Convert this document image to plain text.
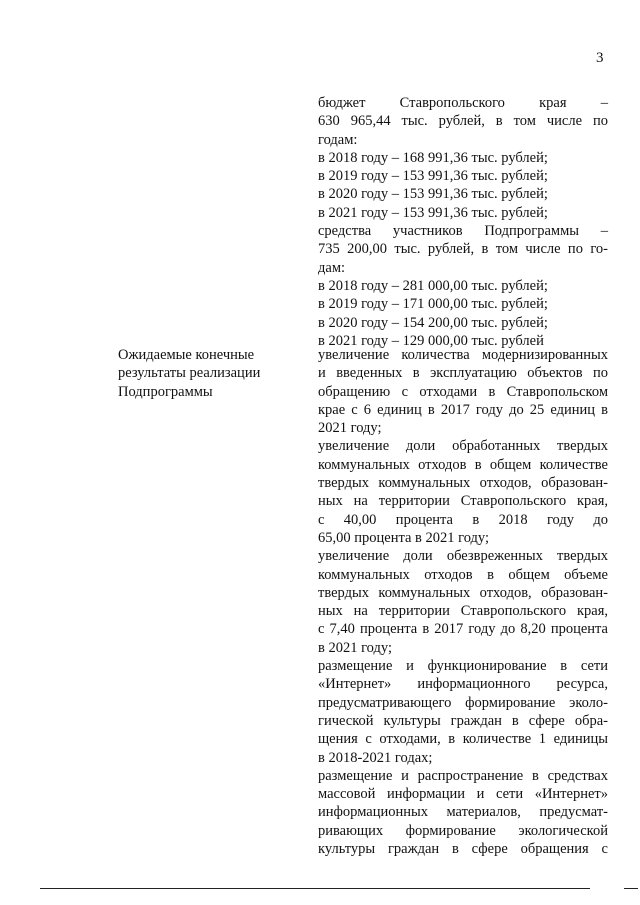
3
бюджет Ставропольского края –
630 965,44 тыс. рублей, в том числе по
годам:
в 2018 году – 168 991,36 тыс. рублей;
в 2019 году – 153 991,36 тыс. рублей;
в 2020 году – 153 991,36 тыс. рублей;
в 2021 году – 153 991,36 тыс. рублей;
средства участников Подпрограммы –
735 200,00 тыс. рублей, в том числе по го-
дам:
в 2018 году – 281 000,00 тыс. рублей;
в 2019 году – 171 000,00 тыс. рублей;
в 2020 году – 154 200,00 тыс. рублей;
в 2021 году – 129 000,00 тыс. рублей
Ожидаемые конечные
результаты реализации
Подпрограммы
увеличение количества модернизированных
и введенных в эксплуатацию объектов по
обращению с отходами в Ставропольском
крае с 6 единиц в 2017 году до 25 единиц в
2021 году;
увеличение доли обработанных твердых
коммунальных отходов в общем количестве
твердых коммунальных отходов, образован-
ных на территории Ставропольского края,
с 40,00 процента в 2018 году до
65,00 процента в 2021 году;
увеличение доли обезвреженных твердых
коммунальных отходов в общем объеме
твердых коммунальных отходов, образован-
ных на территории Ставропольского края,
с 7,40 процента в 2017 году до 8,20 процента
в 2021 году;
размещение и функционирование в сети
«Интернет» информационного ресурса,
предусматривающего формирование эколо-
гической культуры граждан в сфере обра-
щения с отходами, в количестве 1 единицы
в 2018-2021 годах;
размещение и распространение в средствах
массовой информации и сети «Интернет»
информационных материалов, предусмат-
ривающих формирование экологической
культуры граждан в сфере обращения с
